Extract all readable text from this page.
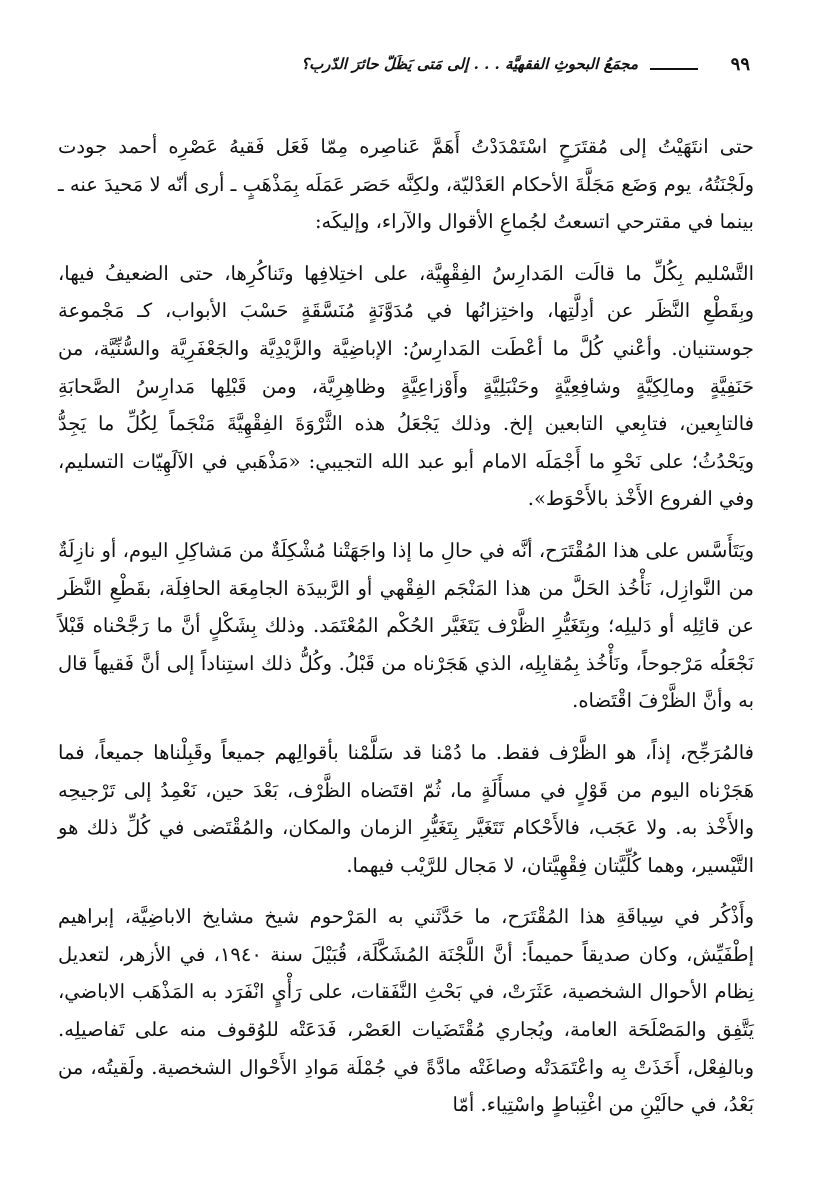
٩٩
مجمَعُ البحوثِ الفقهيَّة . . . إلى مَتى يَظَلُّ حائرَ الدّربِ؟

حتى انتَهَيْتُ إلى مُقتَرَحٍ اسْتَمْدَدْتُ أَهَمَّ عَناصِره مِمّا فَعَل فَقيهُ عَصْرِه أحمد جودت ولَجْنَتُهُ، يوم وَضَع مَجَلَّةَ الأحكام العَدْليّة، ولكِنَّه حَصَر عَمَلَه بِمَذْهَبٍ ـ أرى أنّه لا مَحيدَ عنه ـ بينما في مقترحي اتسعتُ لجُماعِ الأقوال والآراء، وإليكَه:

التَّسْليم بِكُلِّ ما قالَت المَدارِسُ الفِقْهِيَّة، على اختِلافِها وتَناكُرِها، حتى الضعيفُ فيها، وبِقَطْعِ النَّظَر عن أدِلَّتِها، واختِزانُها في مُدَوَّنَةٍ مُنَسَّقَةٍ حَسْبَ الأبواب، كـ مَجْموعة جوستنيان. وأعْني كُلَّ ما أعْطَت المَدارِسُ: الإباضِيَّة والزَّيْدِيَّة والجَعْفَرِيَّة والسُّنِّيَّة، من حَنَفِيَّةٍ ومالِكِيَّةٍ وشافِعِيَّةٍ وحَنْبَلِيَّةٍ وأَوْزاعِيَّةٍ وظاهِرِيَّة، ومن قَبْلِها مَدارِسُ الصَّحابَةِ فالتابِعين، فتابِعي التابعين إلخ. وذلك يَجْعَلُ هذه الثَّرْوَةَ الفِقْهِيَّةَ مَنْجَماً لِكُلِّ ما يَجِدُّ ويَحْدُثُ؛ على نَحْوِ ما أَجْمَلَه الامام أبو عبد الله التجيبي: «مَذْهَبي في الآلَهِيّات التسليم، وفي الفروع الأَخْذ بالأَحْوَط».

ويَتَأَسَّس على هذا المُقْتَرَح، أنَّه في حالِ ما إذا واجَهَتْنا مُشْكِلَةٌ من مَشاكِلِ اليوم، أو نازِلَةٌ من النَّوازِل، نَأْخُذ الحَلَّ من هذا المَنْجَم الفِقْهي أو الرَّبيدَة الجامِعَة الحافِلَة، بقَطْعِ النَّظَر عن قائِلِه أو دَليلِه؛ وبِتَغَيُّرِ الظَّرْف يَتَغَيَّر الحُكْم المُعْتَمَد. وذلك بِشَكْلٍ أنَّ ما رَجَّحْناه قَبْلاً نَجْعَلُه مَرْجوحاً، ونَأْخُذ بِمُقابِلِه، الذي هَجَرْناه من قَبْلُ. وكُلُّ ذلك استِناداً إلى أنَّ فَقيهاً قال به وأنَّ الظَّرْفَ اقْتَضاه.

فالمُرَجِّح، إذاً، هو الظَّرْف فقط. ما دُمْنا قد سَلَّمْنا بأقوالِهم جميعاً وقَبِلْناها جميعاً، فما هَجَرْناه اليوم من قَوْلٍ في مسأَلَةٍ ما، ثُمّ اقتَضاه الظَّرْف، بَعْدَ حين، نَعْمِدُ إلى تَرْجيحِه والأَخْذ به. ولا عَجَب، فالأَحْكام تَتَغَيَّر بِتَغَيُّرِ الزمان والمكان، والمُقْتَضى في كُلِّ ذلك هو التَّيْسير، وهما كُلِّيَّتان فِقْهِيَّتان، لا مَجال للرَّيْب فيهما.

وأَذْكُر في سِياقَةِ هذا المُقْتَرَح، ما حَدَّثَني به المَرْحوم شيخ مشايخ الاباضِيَّة، إبراهيم إطْفَيِّش، وكان صديقاً حميماً: أنَّ اللَّجْنَة المُشَكَّلَة، قُبَيْلَ سنة ١٩٤٠، في الأزهر، لتعديل نِظام الأحوال الشخصية، عَثَرَتْ، في بَحْثِ النَّفَقات، على رَأْيٍ انْفَرَد به المَذْهَب الاباضي، يَتَّفِق والمَصْلَحَة العامة، ويُجاري مُقْتَضَيات العَصْر، فَدَعَتْه للوُقوف منه على تَفاصيلِه. وبالفِعْل، أَخَذَتْ بِه واعْتَمَدَتْه وصاغَتْه مادَّةً في جُمْلَة مَوادِ الأَحْوال الشخصية. ولَقيتُه، من بَعْدُ، في حالَيْنِ من اغْتِباطٍ واسْتِياء. أمّا
